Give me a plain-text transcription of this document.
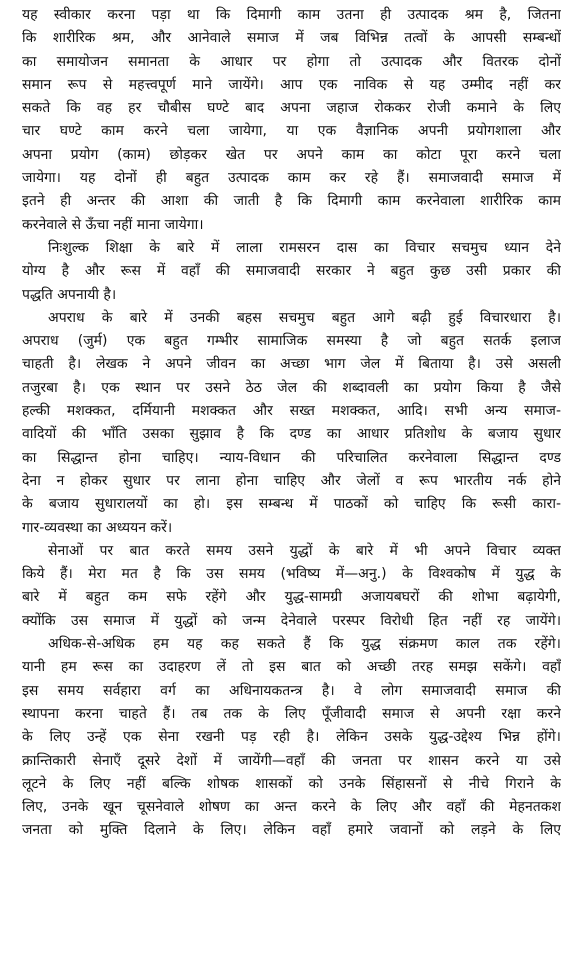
यह स्वीकार करना पड़ा था कि दिमागी काम उतना ही उत्पादक श्रम है, जितना
कि शारीरिक श्रम, और आनेवाले समाज में जब विभिन्न तत्वों के आपसी सम्बन्धों
का समायोजन समानता के आधार पर होगा तो उत्पादक और वितरक दोनों
समान रूप से महत्त्वपूर्ण माने जायेंगे। आप एक नाविक से यह उम्मीद नहीं कर
सकते कि वह हर चौबीस घण्टे बाद अपना जहाज रोककर रोजी कमाने के लिए
चार घण्टे काम करने चला जायेगा, या एक वैज्ञानिक अपनी प्रयोगशाला और
अपना प्रयोग (काम) छोड़कर खेत पर अपने काम का कोटा पूरा करने चला
जायेगा। यह दोनों ही बहुत उत्पादक काम कर रहे हैं। समाजवादी समाज में
इतने ही अन्तर की आशा की जाती है कि दिमागी काम करनेवाला शारीरिक काम
करनेवाले से ऊँचा नहीं माना जायेगा।
निःशुल्क शिक्षा के बारे में लाला रामसरन दास का विचार सचमुच ध्यान देने
योग्य है और रूस में वहाँ की समाजवादी सरकार ने बहुत कुछ उसी प्रकार की
पद्धति अपनायी है।
अपराध के बारे में उनकी बहस सचमुच बहुत आगे बढ़ी हुई विचारधारा है।
अपराध (जुर्म) एक बहुत गम्भीर सामाजिक समस्या है जो बहुत सतर्क इलाज
चाहती है। लेखक ने अपने जीवन का अच्छा भाग जेल में बिताया है। उसे असली
तजुरबा है। एक स्थान पर उसने ठेठ जेल की शब्दावली का प्रयोग किया है जैसे
हल्की मशक्कत, दर्मियानी मशक्कत और सख्त मशक्कत, आदि। सभी अन्य समाज-
वादियों की भाँति उसका सुझाव है कि दण्ड का आधार प्रतिशोध के बजाय सुधार
का सिद्धान्त होना चाहिए। न्याय-विधान की परिचालित करनेवाला सिद्धान्त दण्ड
देना न होकर सुधार पर लाना होना चाहिए और जेलों व रूप भारतीय नर्क होने
के बजाय सुधारालयों का हो। इस सम्बन्ध में पाठकों को चाहिए कि रूसी कारा-
गार-व्यवस्था का अध्ययन करें।
सेनाओं पर बात करते समय उसने युद्धों के बारे में भी अपने विचार व्यक्त
किये हैं। मेरा मत है कि उस समय (भविष्य में—अनु.) के विश्वकोष में युद्ध के
बारे में बहुत कम सफे रहेंगे और युद्ध-सामग्री अजायबघरों की शोभा बढ़ायेगी,
क्योंकि उस समाज में युद्धों को जन्म देनेवाले परस्पर विरोधी हित नहीं रह जायेंगे।
अधिक-से-अधिक हम यह कह सकते हैं कि युद्ध संक्रमण काल तक रहेंगे।
यानी हम रूस का उदाहरण लें तो इस बात को अच्छी तरह समझ सकेंगे। वहाँ
इस समय सर्वहारा वर्ग का अधिनायकतन्त्र है। वे लोग समाजवादी समाज की
स्थापना करना चाहते हैं। तब तक के लिए पूँजीवादी समाज से अपनी रक्षा करने
के लिए उन्हें एक सेना रखनी पड़ रही है। लेकिन उसके युद्ध-उद्देश्य भिन्न होंगे।
क्रान्तिकारी सेनाएँ दूसरे देशों में जायेंगी—वहाँ की जनता पर शासन करने या उसे
लूटने के लिए नहीं बल्कि शोषक शासकों को उनके सिंहासनों से नीचे गिराने के
लिए, उनके खून चूसनेवाले शोषण का अन्त करने के लिए और वहाँ की मेहनतकश
जनता को मुक्ति दिलाने के लिए। लेकिन वहाँ हमारे जवानों को लड़ने के लिए
